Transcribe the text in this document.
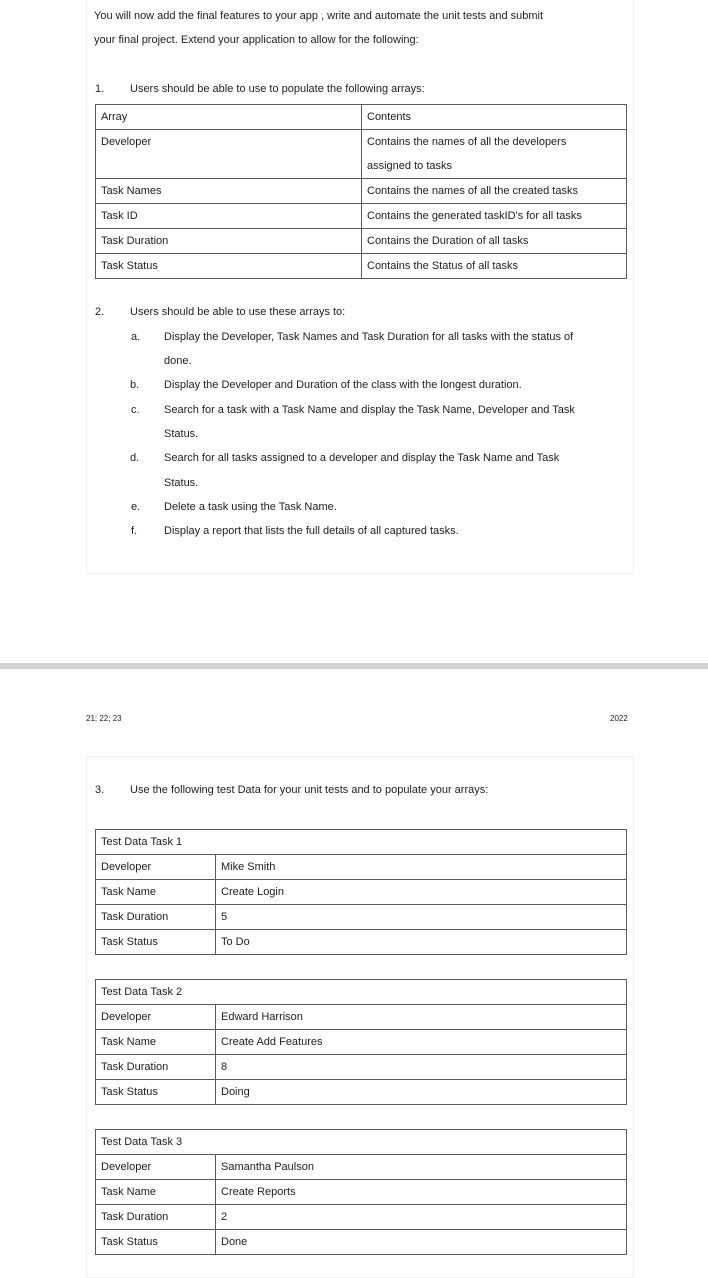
You will now add the final features to your app , write and automate the unit tests and submit
your final project. Extend your application to allow for the following:
1. Users should be able to use to populate the following arrays:
Array	Contents
Developer	Contains the names of all the developers
assigned to tasks

Task Names	Contains the names of all the created tasks
Task ID	Contains the generated taskID's for all tasks
Task Duration	Contains the Duration of all tasks
Task Status	Contains the Status of all tasks
2. Users should be able to use these arrays to:
a. Display the Developer, Task Names and Task Duration for all tasks with the status of
done.
b. Display the Developer and Duration of the class with the longest duration.
c. Search for a task with a Task Name and display the Task Name, Developer and Task
Status.
d. Search for all tasks assigned to a developer and display the Task Name and Task
Status.
e. Delete a task using the Task Name.
f. Display a report that lists the full details of all captured tasks.
21; 22; 23	2022
3. Use the following test Data for your unit tests and to populate your arrays:
Test Data Task 1	
Developer	Mike Smith
Task Name	Create Login
Task Duration	5
Task Status	To Do
Test Data Task 2	
Developer	Edward Harrison
Task Name	Create Add Features
Task Duration	8
Task Status	Doing
Test Data Task 3	
Developer	Samantha Paulson
Task Name	Create Reports
Task Duration	2
Task Status	Done
